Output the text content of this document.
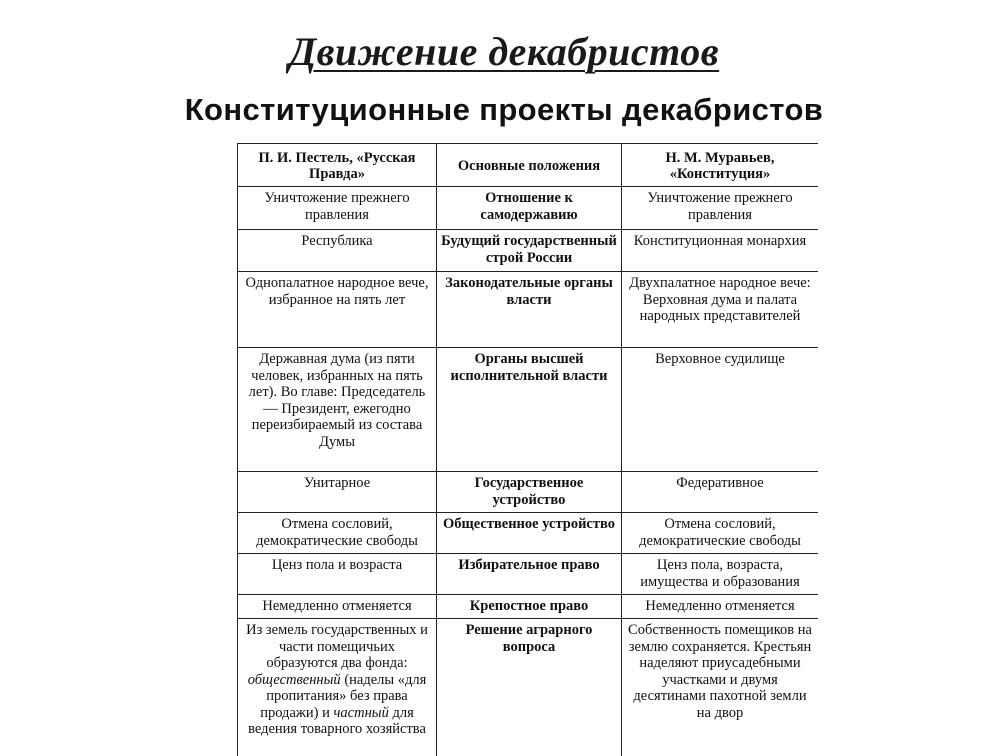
Движение декабристов
Конституционные проекты декабристов
П. И. Пестель, «Русская Правда»	Основные положения	Н. М. Муравьев, «Конституция»
Уничтожение прежнего правления	Отношение к самодержавию	Уничтожение прежнего правления
Республика	Будущий государственный строй России	Конституционная монархия
Однопалатное народное вече, избранное на пять лет	Законодательные органы власти	Двухпалатное народное вече: Верховная дума и палата народных представителей
Державная дума (из пяти человек, избранных на пять лет). Во главе: Председатель — Президент, ежегодно переизбираемый из состава Думы	Органы высшей исполнительной власти	Верховное судилище
Унитарное	Государственное устройство	Федеративное
Отмена сословий, демократические свободы	Общественное устройство	Отмена сословий, демократические свободы
Ценз пола и возраста	Избирательное право	Ценз пола, возраста, имущества и образования
Немедленно отменяется	Крепостное право	Немедленно отменяется
Из земель государственных и части помещичьих образуются два фонда: общественный (наделы «для пропитания» без права продажи) и частный для ведения товарного хозяйства	Решение аграрного вопроса	Собственность помещиков на землю сохраняется. Крестьян наделяют приусадебными участками и двумя десятинами пахотной земли на двор
